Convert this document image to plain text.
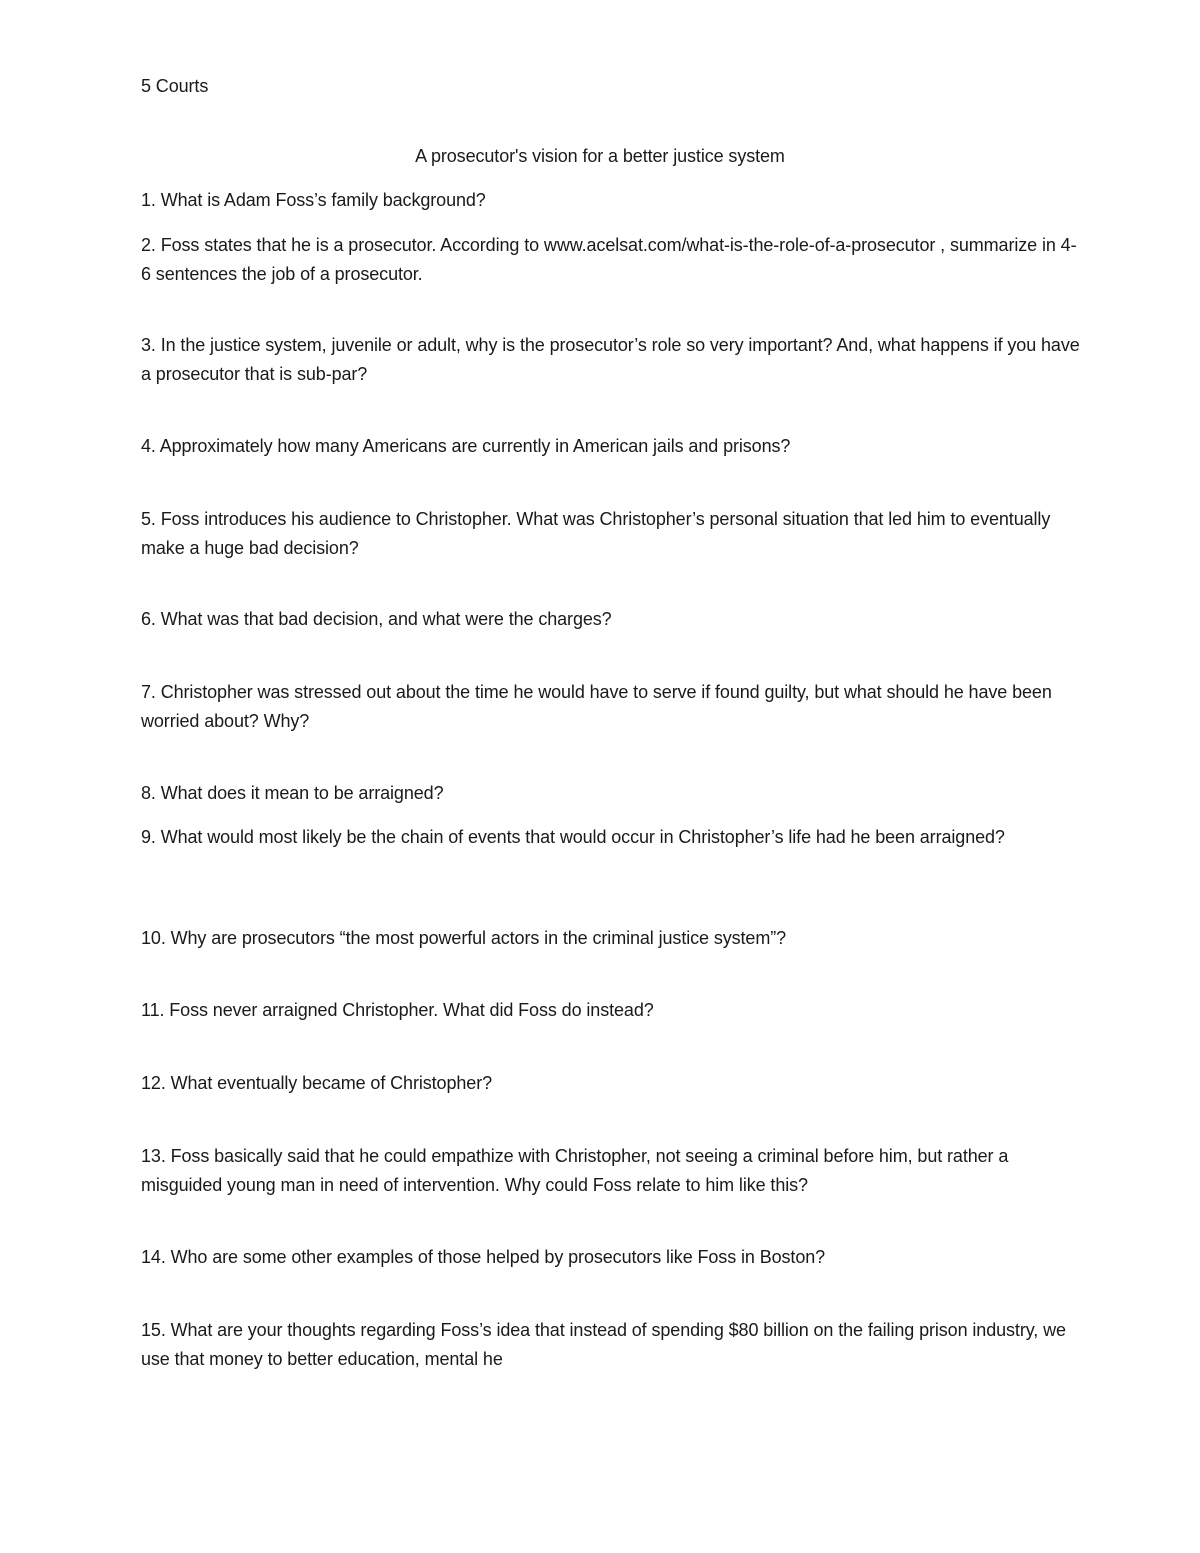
5 Courts
A prosecutor's vision for a better justice system
1. What is Adam Foss’s family background?
2. Foss states that he is a prosecutor. According to www.acelsat.com/what-is-the-role-of-a-prosecutor , summarize in 4-6 sentences the job of a prosecutor.
3. In the justice system, juvenile or adult, why is the prosecutor’s role so very important? And, what happens if you have a prosecutor that is sub-par?
4. Approximately how many Americans are currently in American jails and prisons?
5. Foss introduces his audience to Christopher. What was Christopher’s personal situation that led him to eventually make a huge bad decision?
6. What was that bad decision, and what were the charges?
7. Christopher was stressed out about the time he would have to serve if found guilty, but what should he have been worried about? Why?
8. What does it mean to be arraigned?
9. What would most likely be the chain of events that would occur in Christopher’s life had he been arraigned?
10. Why are prosecutors “the most powerful actors in the criminal justice system”?
11. Foss never arraigned Christopher. What did Foss do instead?
12. What eventually became of Christopher?
13. Foss basically said that he could empathize with Christopher, not seeing a criminal before him, but rather a misguided young man in need of intervention. Why could Foss relate to him like this?
14. Who are some other examples of those helped by prosecutors like Foss in Boston?
15. What are your thoughts regarding Foss’s idea that instead of spending $80 billion on the failing prison industry, we use that money to better education, mental he
